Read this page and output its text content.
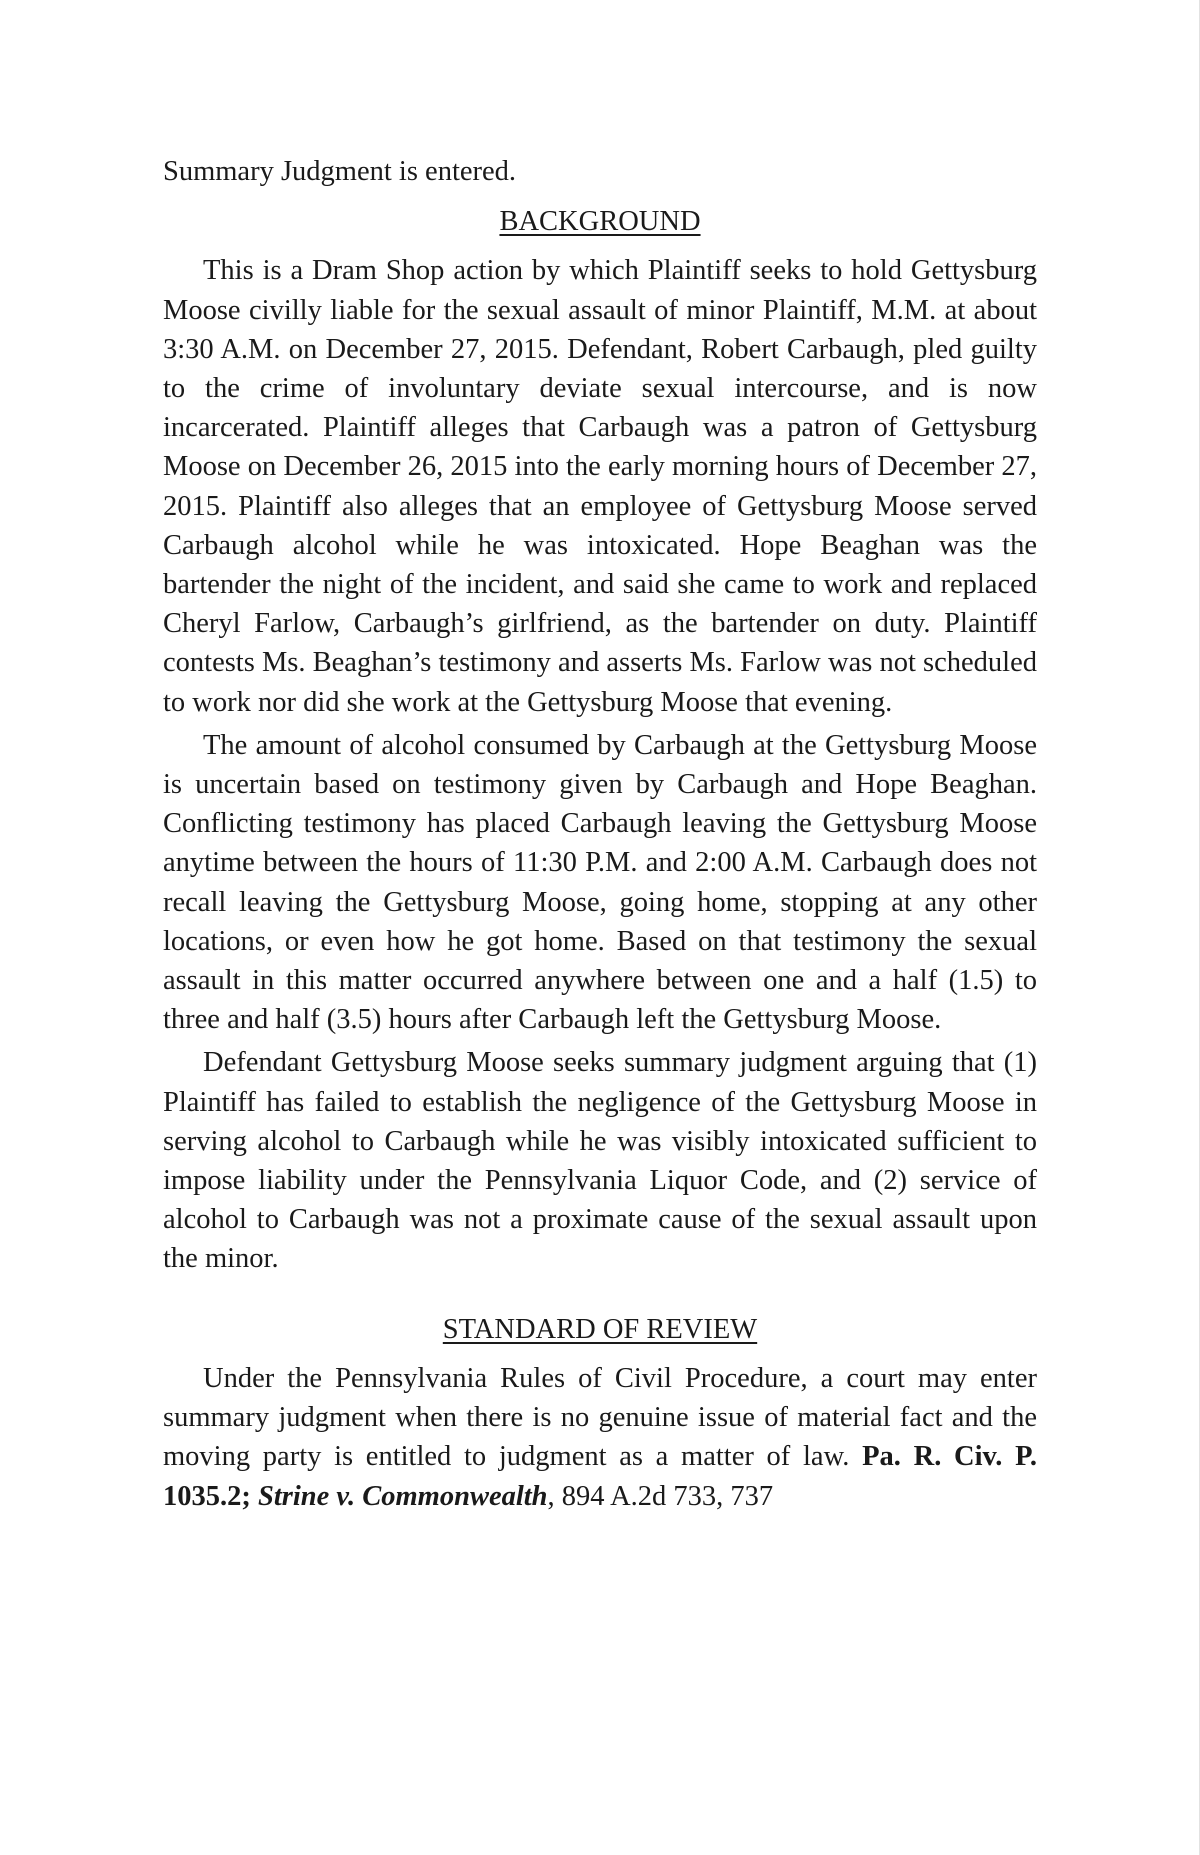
Summary Judgment is entered.

BACKGROUND

This is a Dram Shop action by which Plaintiff seeks to hold Gettysburg Moose civilly liable for the sexual assault of minor Plaintiff, M.M. at about 3:30 A.M. on December 27, 2015. Defendant, Robert Carbaugh, pled guilty to the crime of involuntary deviate sexual intercourse, and is now incarcerated. Plaintiff alleges that Carbaugh was a patron of Gettysburg Moose on December 26, 2015 into the early morning hours of December 27, 2015. Plaintiff also alleges that an employee of Gettysburg Moose served Carbaugh alcohol while he was intoxicated. Hope Beaghan was the bartender the night of the incident, and said she came to work and replaced Cheryl Farlow, Carbaugh’s girlfriend, as the bartender on duty. Plaintiff contests Ms. Beaghan’s testimony and asserts Ms. Farlow was not scheduled to work nor did she work at the Gettysburg Moose that evening.

The amount of alcohol consumed by Carbaugh at the Gettysburg Moose is uncertain based on testimony given by Carbaugh and Hope Beaghan. Conflicting testimony has placed Carbaugh leaving the Gettysburg Moose anytime between the hours of 11:30 P.M. and 2:00 A.M. Carbaugh does not recall leaving the Gettysburg Moose, going home, stopping at any other locations, or even how he got home. Based on that testimony the sexual assault in this matter occurred anywhere between one and a half (1.5) to three and half (3.5) hours after Carbaugh left the Gettysburg Moose.

Defendant Gettysburg Moose seeks summary judgment arguing that (1) Plaintiff has failed to establish the negligence of the Gettysburg Moose in serving alcohol to Carbaugh while he was visibly intoxicated sufficient to impose liability under the Pennsylvania Liquor Code, and (2) service of alcohol to Carbaugh was not a proximate cause of the sexual assault upon the minor.

STANDARD OF REVIEW

Under the Pennsylvania Rules of Civil Procedure, a court may enter summary judgment when there is no genuine issue of material fact and the moving party is entitled to judgment as a matter of law. Pa. R. Civ. P. 1035.2; Strine v. Commonwealth, 894 A.2d 733, 737
